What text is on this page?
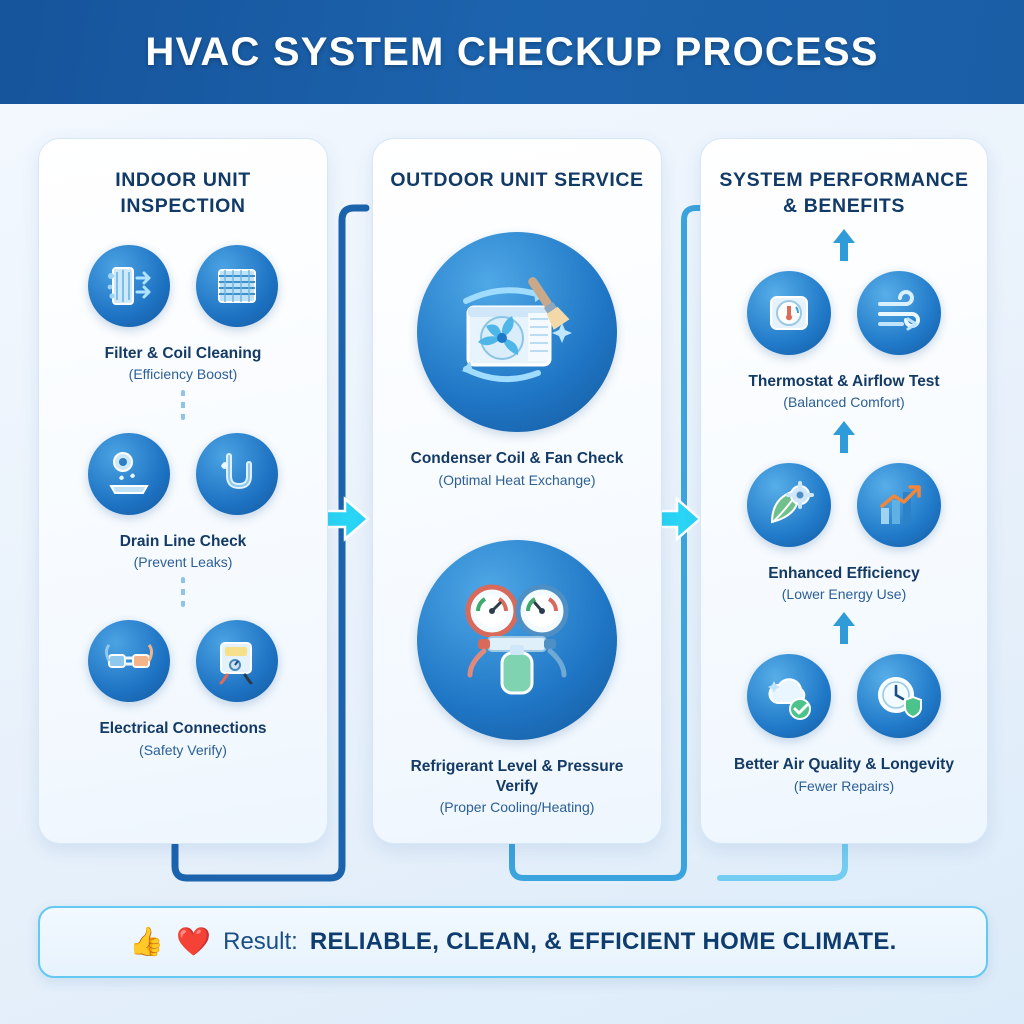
HVAC SYSTEM CHECKUP PROCESS
INDOOR UNIT INSPECTION
Filter & Coil Cleaning
(Efficiency Boost)
Drain Line Check
(Prevent Leaks)
Electrical Connections
(Safety Verify)
OUTDOOR UNIT SERVICE
Condenser Coil & Fan Check
(Optimal Heat Exchange)
Refrigerant Level & Pressure Verify
(Proper Cooling/Heating)
SYSTEM PERFORMANCE & BENEFITS
Thermostat & Airflow Test
(Balanced Comfort)
Enhanced Efficiency
(Lower Energy Use)
Better Air Quality & Longevity
(Fewer Repairs)
👍 ❤️ Result: RELIABLE, CLEAN, & EFFICIENT HOME CLIMATE.
